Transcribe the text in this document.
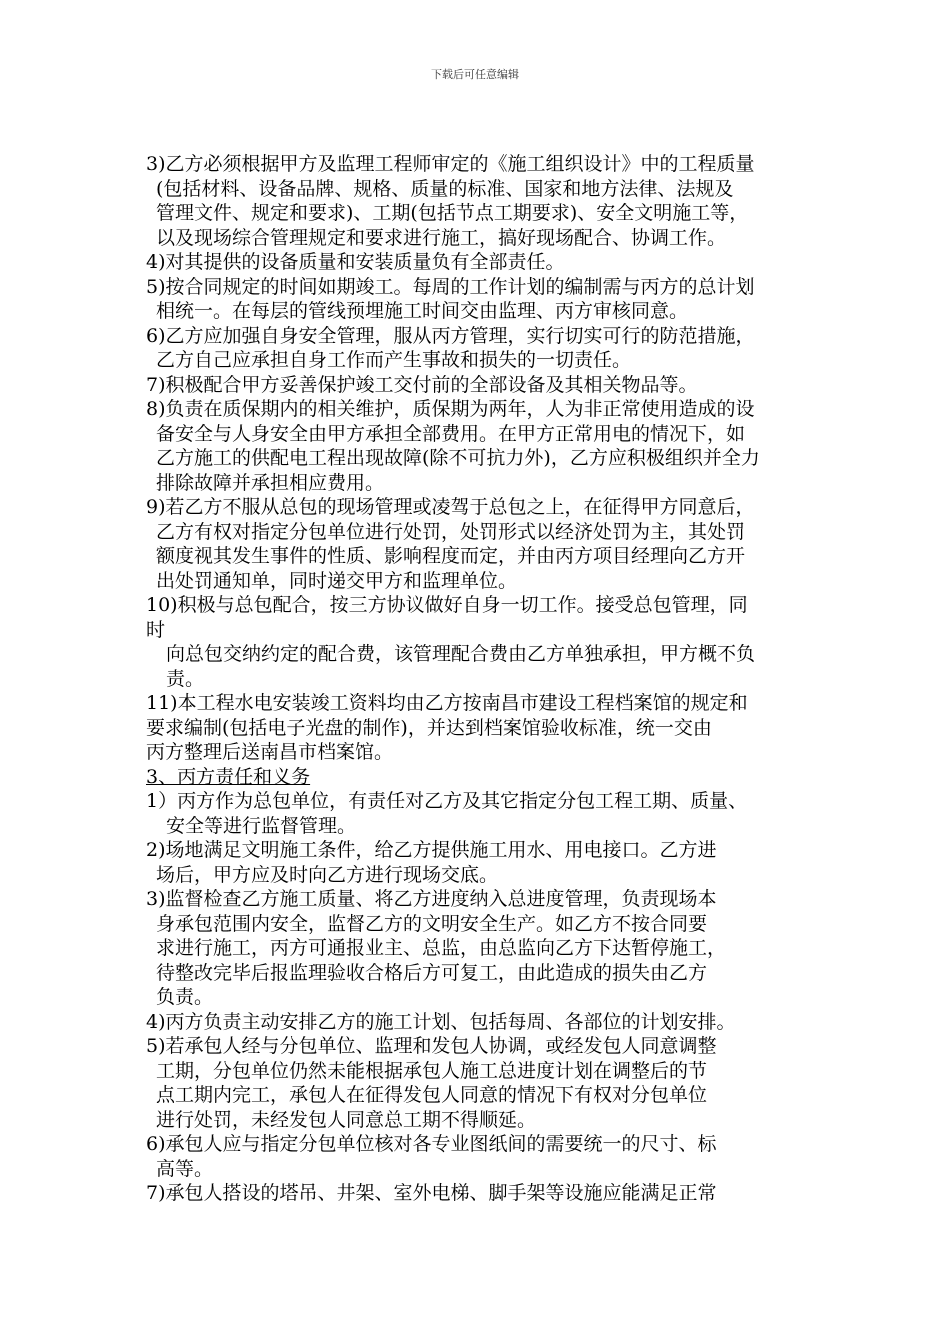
下载后可任意编辑
3)乙方必须根据甲方及监理工程师审定的《施工组织设计》中的工程质量
(包括材料、设备品牌、规格、质量的标准、国家和地方法律、法规及
管理文件、规定和要求)、工期(包括节点工期要求)、安全文明施工等，
以及现场综合管理规定和要求进行施工，搞好现场配合、协调工作。
4)对其提供的设备质量和安装质量负有全部责任。
5)按合同规定的时间如期竣工。每周的工作计划的编制需与丙方的总计划
相统一。在每层的管线预埋施工时间交由监理、丙方审核同意。
6)乙方应加强自身安全管理，服从丙方管理，实行切实可行的防范措施，
乙方自己应承担自身工作而产生事故和损失的一切责任。
7)积极配合甲方妥善保护竣工交付前的全部设备及其相关物品等。
8)负责在质保期内的相关维护，质保期为两年，人为非正常使用造成的设
备安全与人身安全由甲方承担全部费用。在甲方正常用电的情况下，如
乙方施工的供配电工程出现故障(除不可抗力外)，乙方应积极组织并全力
排除故障并承担相应费用。
9)若乙方不服从总包的现场管理或凌驾于总包之上，在征得甲方同意后，
乙方有权对指定分包单位进行处罚，处罚形式以经济处罚为主，其处罚
额度视其发生事件的性质、影响程度而定，并由丙方项目经理向乙方开
出处罚通知单，同时递交甲方和监理单位。
10)积极与总包配合，按三方协议做好自身一切工作。接受总包管理，同
时
向总包交纳约定的配合费，该管理配合费由乙方单独承担，甲方概不负
责。
11)本工程水电安装竣工资料均由乙方按南昌市建设工程档案馆的规定和
要求编制(包括电子光盘的制作)，并达到档案馆验收标准，统一交由
丙方整理后送南昌市档案馆。
3、丙方责任和义务
1）丙方作为总包单位，有责任对乙方及其它指定分包工程工期、质量、
安全等进行监督管理。
2)场地满足文明施工条件，给乙方提供施工用水、用电接口。乙方进
场后，甲方应及时向乙方进行现场交底。
3)监督检查乙方施工质量、将乙方进度纳入总进度管理，负责现场本
身承包范围内安全，监督乙方的文明安全生产。如乙方不按合同要
求进行施工，丙方可通报业主、总监，由总监向乙方下达暂停施工，
待整改完毕后报监理验收合格后方可复工，由此造成的损失由乙方
负责。
4)丙方负责主动安排乙方的施工计划、包括每周、各部位的计划安排。
5)若承包人经与分包单位、监理和发包人协调，或经发包人同意调整
工期，分包单位仍然未能根据承包人施工总进度计划在调整后的节
点工期内完工，承包人在征得发包人同意的情况下有权对分包单位
进行处罚，未经发包人同意总工期不得顺延。
6)承包人应与指定分包单位核对各专业图纸间的需要统一的尺寸、标
高等。
7)承包人搭设的塔吊、井架、室外电梯、脚手架等设施应能满足正常
